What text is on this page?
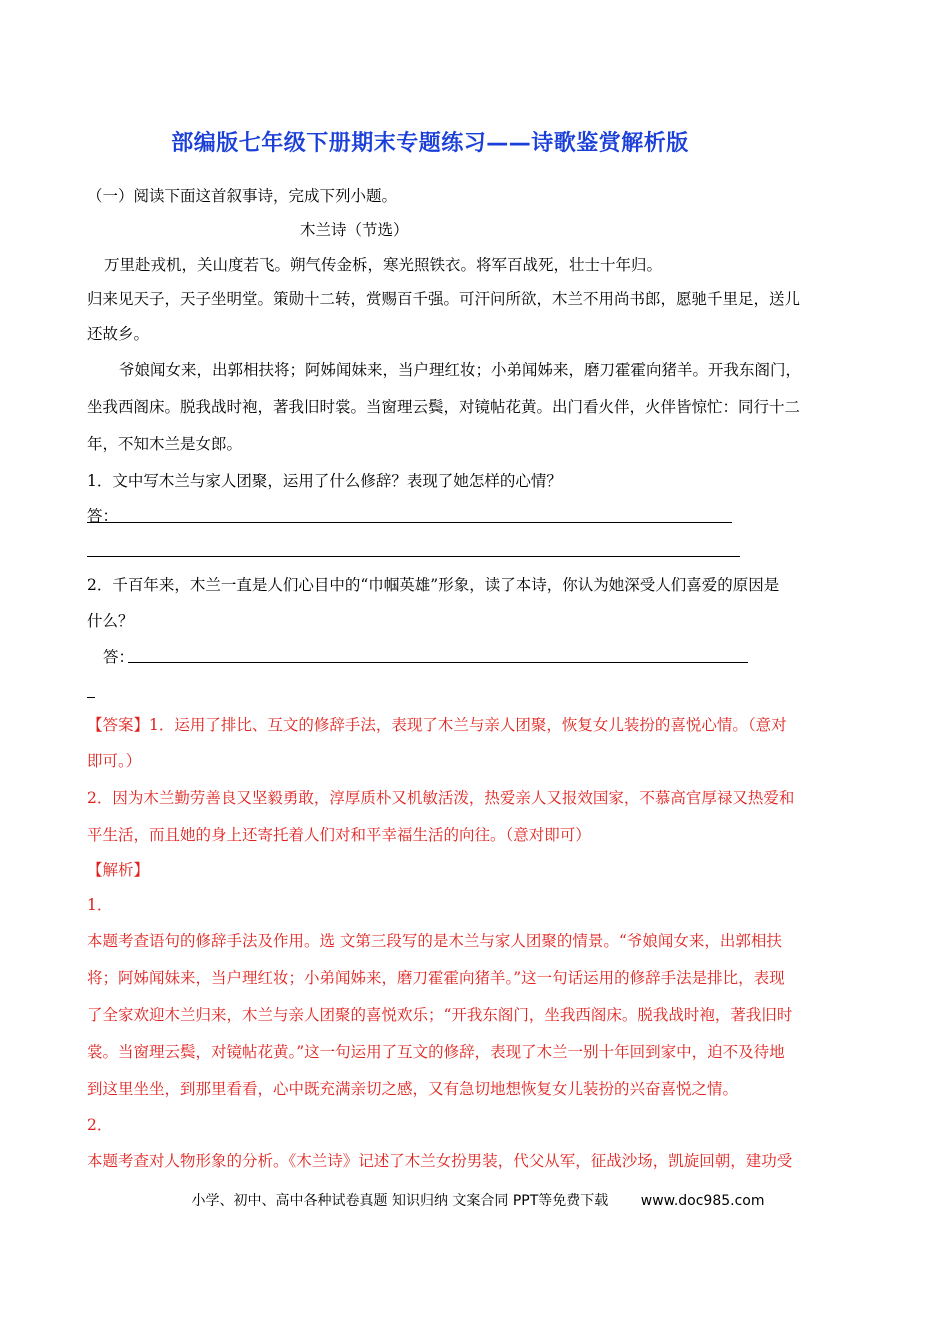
部编版七年级下册期末专题练习——诗歌鉴赏解析版
（一）阅读下面这首叙事诗，完成下列小题。
木兰诗（节选）
万里赴戎机，关山度若飞。朔气传金柝，寒光照铁衣。将军百战死，壮士十年归。
归来见天子，天子坐明堂。策勋十二转，赏赐百千强。可汗问所欲，木兰不用尚书郎，愿驰千里足，送儿
还故乡。
爷娘闻女来，出郭相扶将；阿姊闻妹来，当户理红妆；小弟闻姊来，磨刀霍霍向猪羊。开我东阁门，
坐我西阁床。脱我战时袍，著我旧时裳。当窗理云鬓，对镜帖花黄。出门看火伴，火伴皆惊忙：同行十二
年，不知木兰是女郎。
1．文中写木兰与家人团聚，运用了什么修辞？表现了她怎样的心情？
答：
2．千百年来，木兰一直是人们心目中的“巾帼英雄”形象，读了本诗，你认为她深受人们喜爱的原因是
什么？
答：
【答案】1．运用了排比、互文的修辞手法，表现了木兰与亲人团聚，恢复女儿装扮的喜悦心情。（意对
即可。）
2．因为木兰勤劳善良又坚毅勇敢，淳厚质朴又机敏活泼，热爱亲人又报效国家，不慕高官厚禄又热爱和
平生活，而且她的身上还寄托着人们对和平幸福生活的向往。（意对即可）
【解析】
1．
本题考查语句的修辞手法及作用。选 文第三段写的是木兰与家人团聚的情景。“爷娘闻女来，出郭相扶
将；阿姊闻妹来，当户理红妆；小弟闻姊来，磨刀霍霍向猪羊。”这一句话运用的修辞手法是排比，表现
了全家欢迎木兰归来，木兰与亲人团聚的喜悦欢乐；“开我东阁门，坐我西阁床。脱我战时袍，著我旧时
裳。当窗理云鬓，对镜帖花黄。”这一句运用了互文的修辞，表现了木兰一别十年回到家中，迫不及待地
到这里坐坐，到那里看看，心中既充满亲切之感，又有急切地想恢复女儿装扮的兴奋喜悦之情。
2．
本题考查对人物形象的分析。《木兰诗》记述了木兰女扮男装，代父从军，征战沙场，凯旋回朝，建功受
小学、初中、高中各种试卷真题 知识归纳 文案合同 PPT等免费下载 www.doc985.com
